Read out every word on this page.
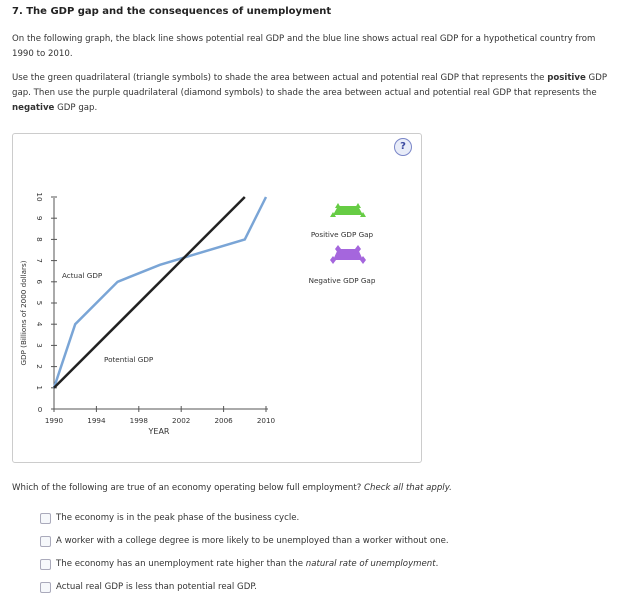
7. The GDP gap and the consequences of unemployment
On the following graph, the black line shows potential real GDP and the blue line shows actual real GDP for a hypothetical country from 1990 to 2010.
Use the green quadrilateral (triangle symbols) to shade the area between actual and potential real GDP that represents the positive GDP gap. Then use the purple quadrilateral (diamond symbols) to shade the area between actual and potential real GDP that represents the negative GDP gap.
0
1
2
3
4
5
6
7
8
9
10
1990	1994	1998	2002	2006	2010
GDP (Billions of 2000 dollars)
YEAR
Actual GDP
Potential GDP
Positive GDP Gap
Negative GDP Gap
?
Which of the following are true of an economy operating below full employment? Check all that apply.
The economy is in the peak phase of the business cycle.
A worker with a college degree is more likely to be unemployed than a worker without one.
The economy has an unemployment rate higher than the natural rate of unemployment.
Actual real GDP is less than potential real GDP.
